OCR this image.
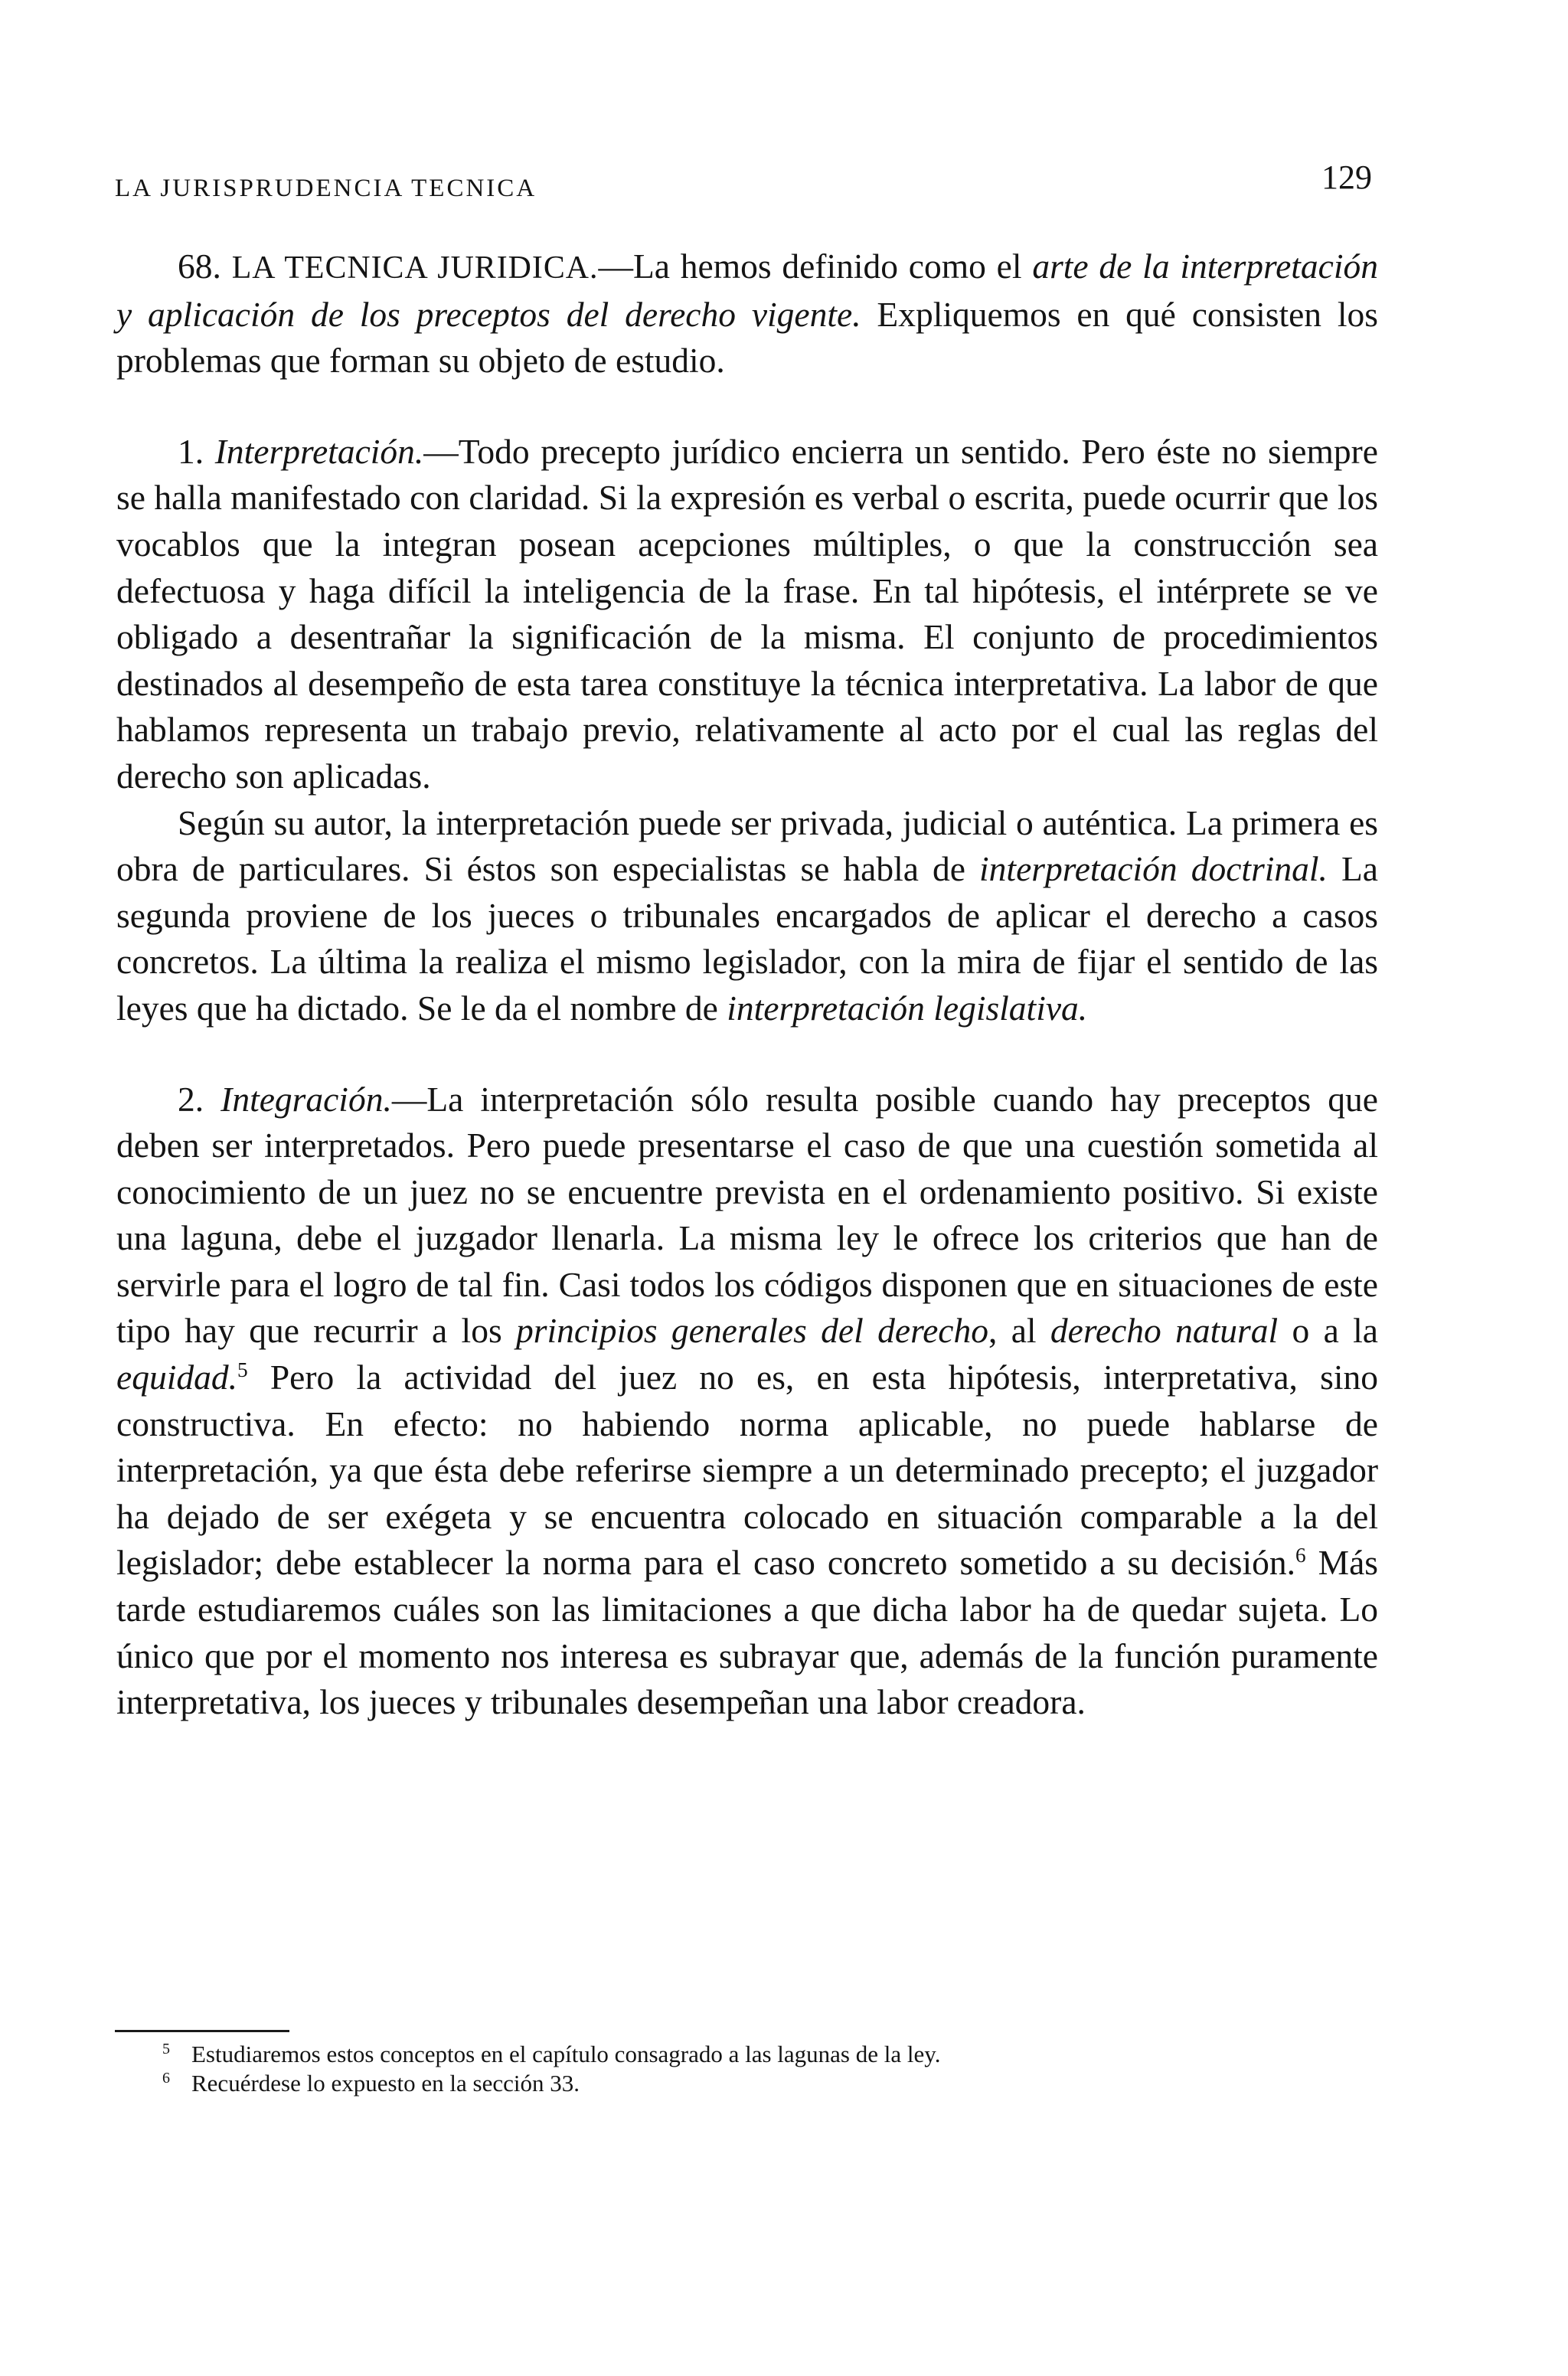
LA JURISPRUDENCIA TECNICA	129

68. LA TECNICA JURIDICA.—La hemos definido como el arte de la interpretación y aplicación de los preceptos del derecho vigente. Expliquemos en qué consisten los problemas que forman su objeto de estudio.

1. Interpretación.—Todo precepto jurídico encierra un sentido. Pero éste no siempre se halla manifestado con claridad. Si la expresión es verbal o escrita, puede ocurrir que los vocablos que la integran posean acepciones múltiples, o que la construcción sea defectuosa y haga difícil la inteligencia de la frase. En tal hipótesis, el intérprete se ve obligado a desentrañar la significación de la misma. El conjunto de procedimientos destinados al desempeño de esta tarea constituye la técnica interpretativa. La labor de que hablamos representa un trabajo previo, relativamente al acto por el cual las reglas del derecho son aplicadas.

Según su autor, la interpretación puede ser privada, judicial o auténtica. La primera es obra de particulares. Si éstos son especialistas se habla de interpretación doctrinal. La segunda proviene de los jueces o tribunales encargados de aplicar el derecho a casos concretos. La última la realiza el mismo legislador, con la mira de fijar el sentido de las leyes que ha dictado. Se le da el nombre de interpretación legislativa.

2. Integración.—La interpretación sólo resulta posible cuando hay preceptos que deben ser interpretados. Pero puede presentarse el caso de que una cuestión sometida al conocimiento de un juez no se encuentre prevista en el ordenamiento positivo. Si existe una laguna, debe el juzgador llenarla. La misma ley le ofrece los criterios que han de servirle para el logro de tal fin. Casi todos los códigos disponen que en situaciones de este tipo hay que recurrir a los principios generales del derecho, al derecho natural o a la equidad.$^5$ Pero la actividad del juez no es, en esta hipótesis, interpretativa, sino constructiva. En efecto: no habiendo norma aplicable, no puede hablarse de interpretación, ya que ésta debe referirse siempre a un determinado precepto; el juzgador ha dejado de ser exégeta y se encuentra colocado en situación comparable a la del legislador; debe establecer la norma para el caso concreto sometido a su decisión.$^6$ Más tarde estudiaremos cuáles son las limitaciones a que dicha labor ha de quedar sujeta. Lo único que por el momento nos interesa es subrayar que, además de la función puramente interpretativa, los jueces y tribunales desempeñan una labor creadora.

$^5$ Estudiaremos estos conceptos en el capítulo consagrado a las lagunas de la ley.

$^6$ Recuérdese lo expuesto en la sección 33.
